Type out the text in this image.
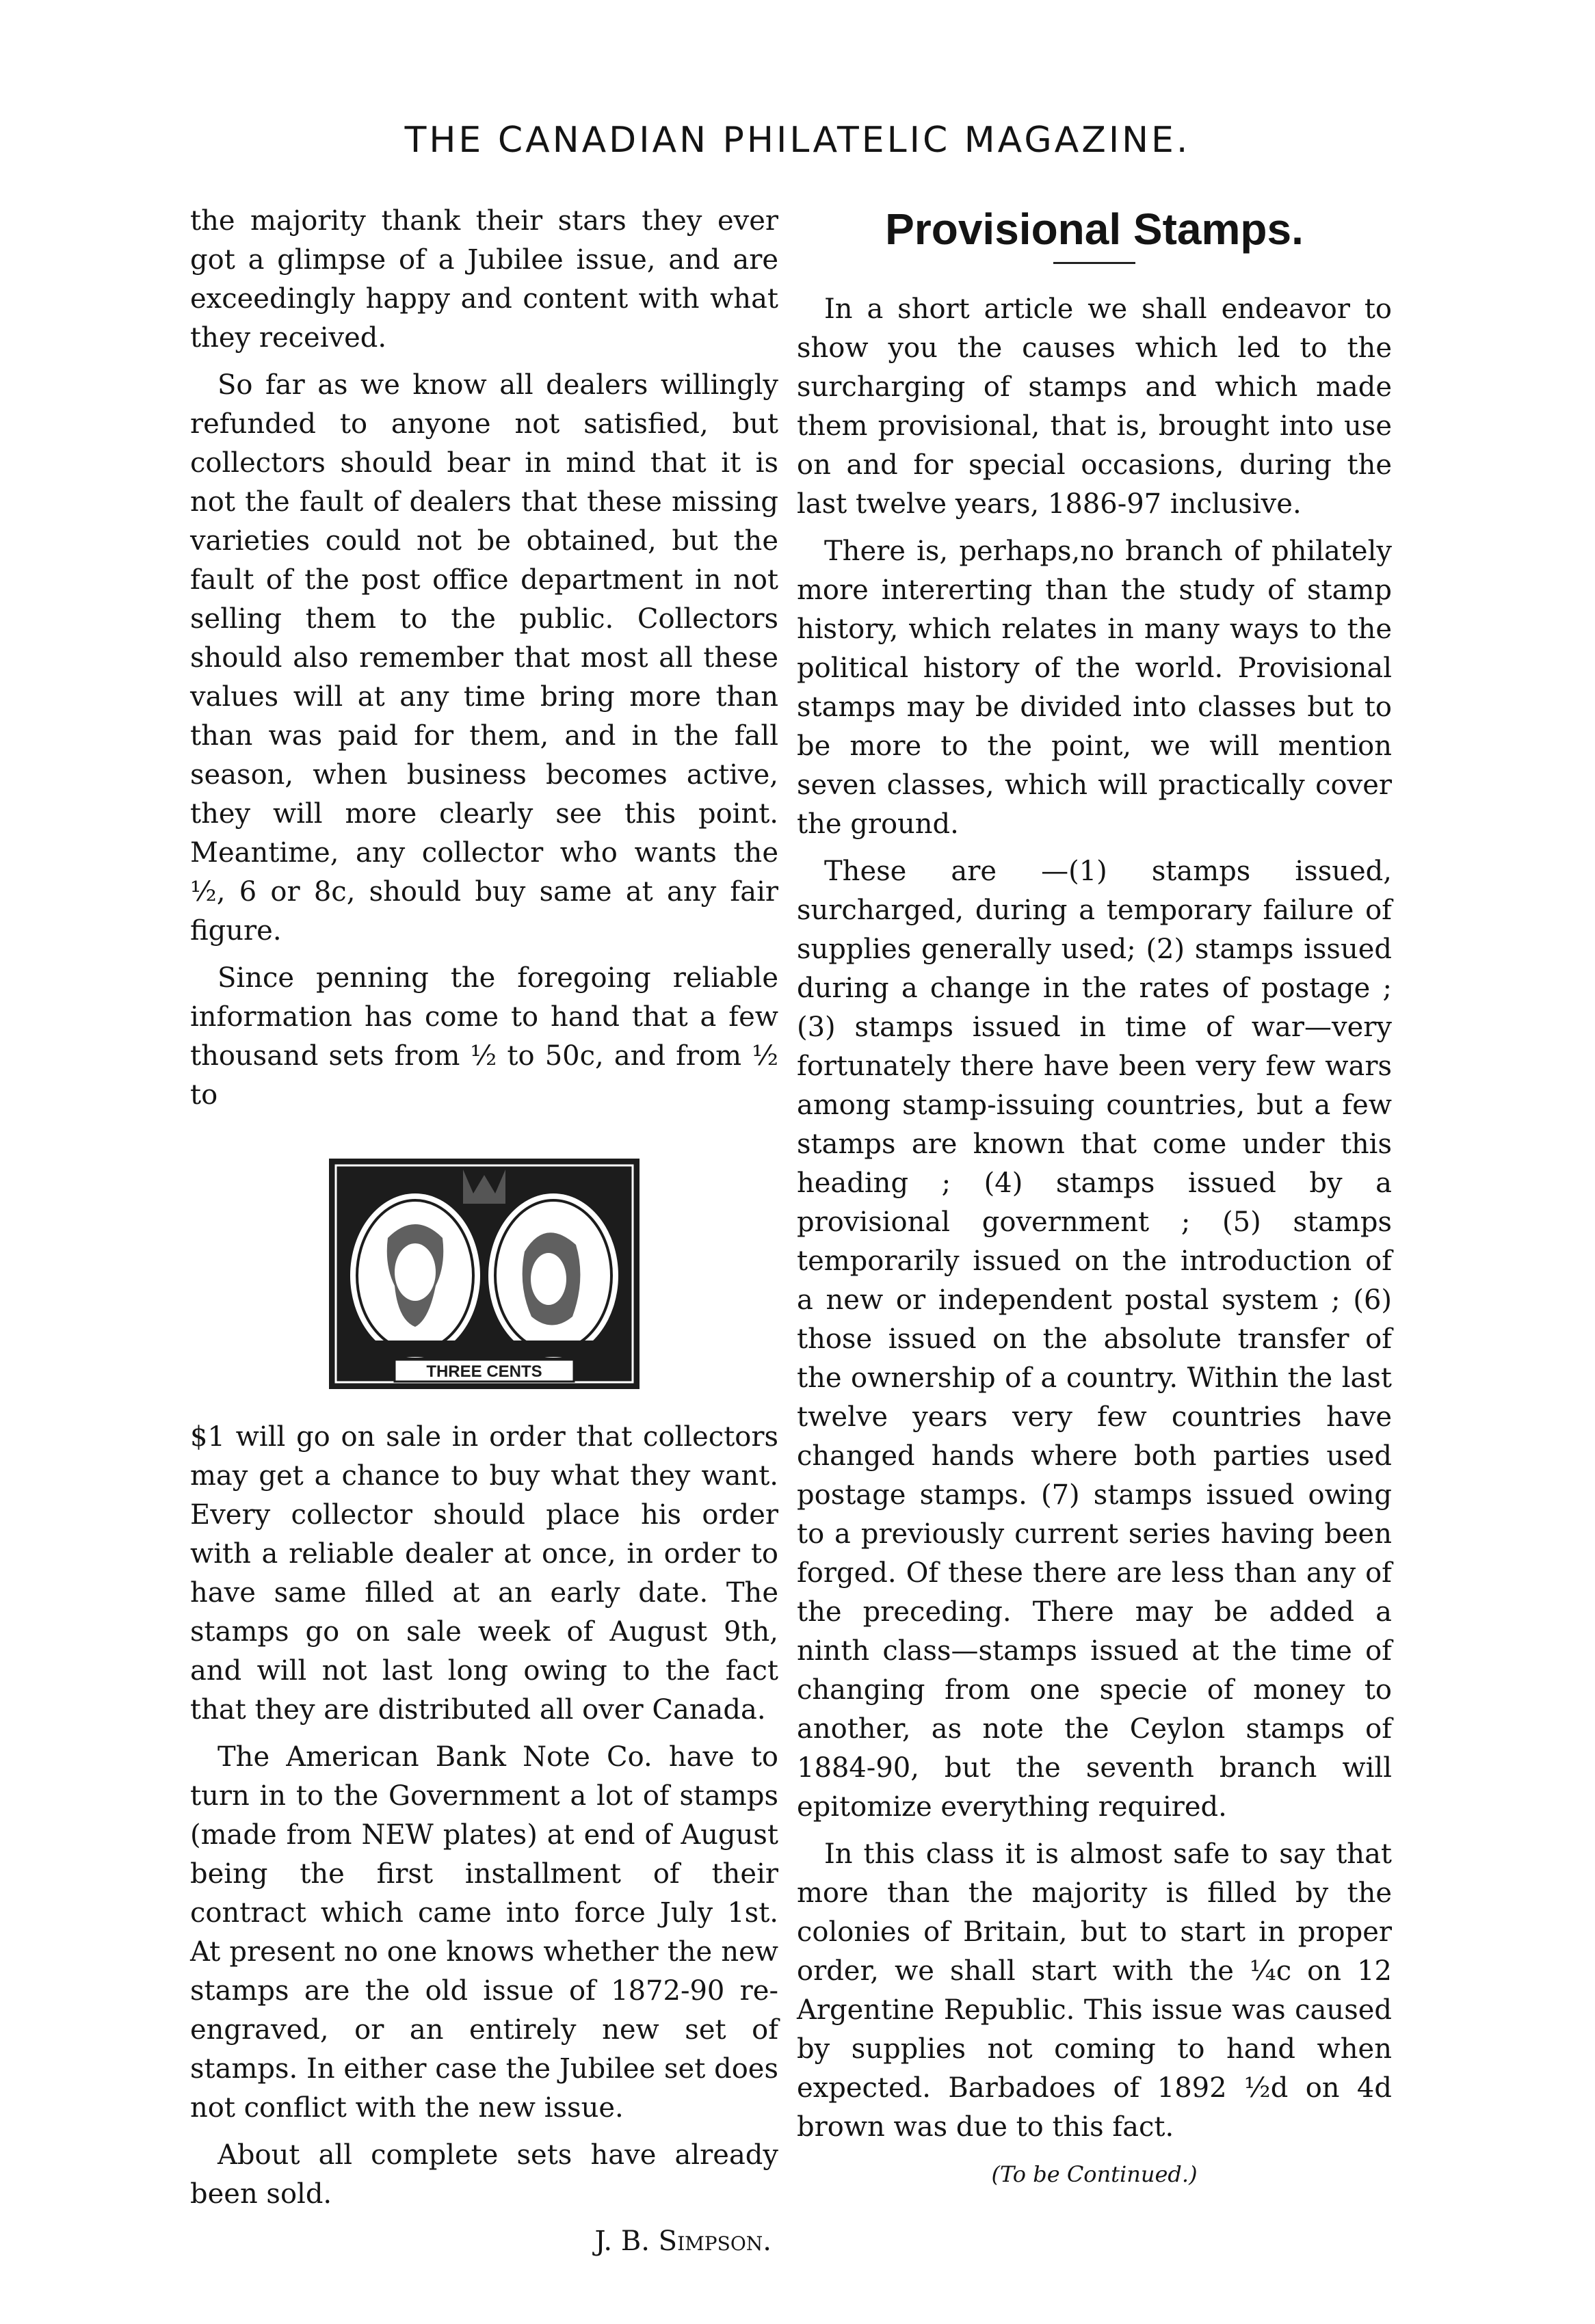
THE CANADIAN PHILATELIC MAGAZINE.

the majority thank their stars they ever got a glimpse of a Jubilee issue, and are exceedingly happy and content with what they received.

So far as we know all dealers willingly refunded to anyone not satisfied, but collectors should bear in mind that it is not the fault of dealers that these missing varieties could not be obtained, but the fault of the post office department in not selling them to the public. Collectors should also remember that most all these values will at any time bring more than than was paid for them, and in the fall season, when business becomes active, they will more clearly see this point. Meantime, any collector who wants the ½, 6 or 8c, should buy same at any fair figure.

Since penning the foregoing reliable information has come to hand that a few thousand sets from ½ to 50c, and from ½ to

THREE CENTS

$1 will go on sale in order that collectors may get a chance to buy what they want. Every collector should place his order with a reliable dealer at once, in order to have same filled at an early date. The stamps go on sale week of August 9th, and will not last long owing to the fact that they are distributed all over Canada.

The American Bank Note Co. have to turn in to the Government a lot of stamps (made from NEW plates) at end of August being the first installment of their contract which came into force July 1st. At present no one knows whether the new stamps are the old issue of 1872-90 re-engraved, or an entirely new set of stamps. In either case the Jubilee set does not conflict with the new issue.

About all complete sets have already been sold.

J. B. Simpson.
Provisional Stamps.

In a short article we shall endeavor to show you the causes which led to the surcharging of stamps and which made them provisional, that is, brought into use on and for special occasions, during the last twelve years, 1886-97 inclusive.

There is, perhaps,no branch of philately more intererting than the study of stamp history, which relates in many ways to the political history of the world. Provisional stamps may be divided into classes but to be more to the point, we will mention seven classes, which will practically cover the ground.

These are —(1) stamps issued, surcharged, during a temporary failure of supplies generally used; (2) stamps issued during a change in the rates of postage ; (3) stamps issued in time of war—very fortunately there have been very few wars among stamp-issuing countries, but a few stamps are known that come under this heading ; (4) stamps issued by a provisional government ; (5) stamps temporarily issued on the introduction of a new or independent postal system ; (6) those issued on the absolute transfer of the ownership of a country. Within the last twelve years very few countries have changed hands where both parties used postage stamps. (7) stamps issued owing to a previously current series having been forged. Of these there are less than any of the preceding. There may be added a ninth class—stamps issued at the time of changing from one specie of money to another, as note the Ceylon stamps of 1884-90, but the seventh branch will epitomize everything required.

In this class it is almost safe to say that more than the majority is filled by the colonies of Britain, but to start in proper order, we shall start with the ¼c on 12 Argentine Republic. This issue was caused by supplies not coming to hand when expected. Barbadoes of 1892 ½d on 4d brown was due to this fact.

(To be Continued.)
